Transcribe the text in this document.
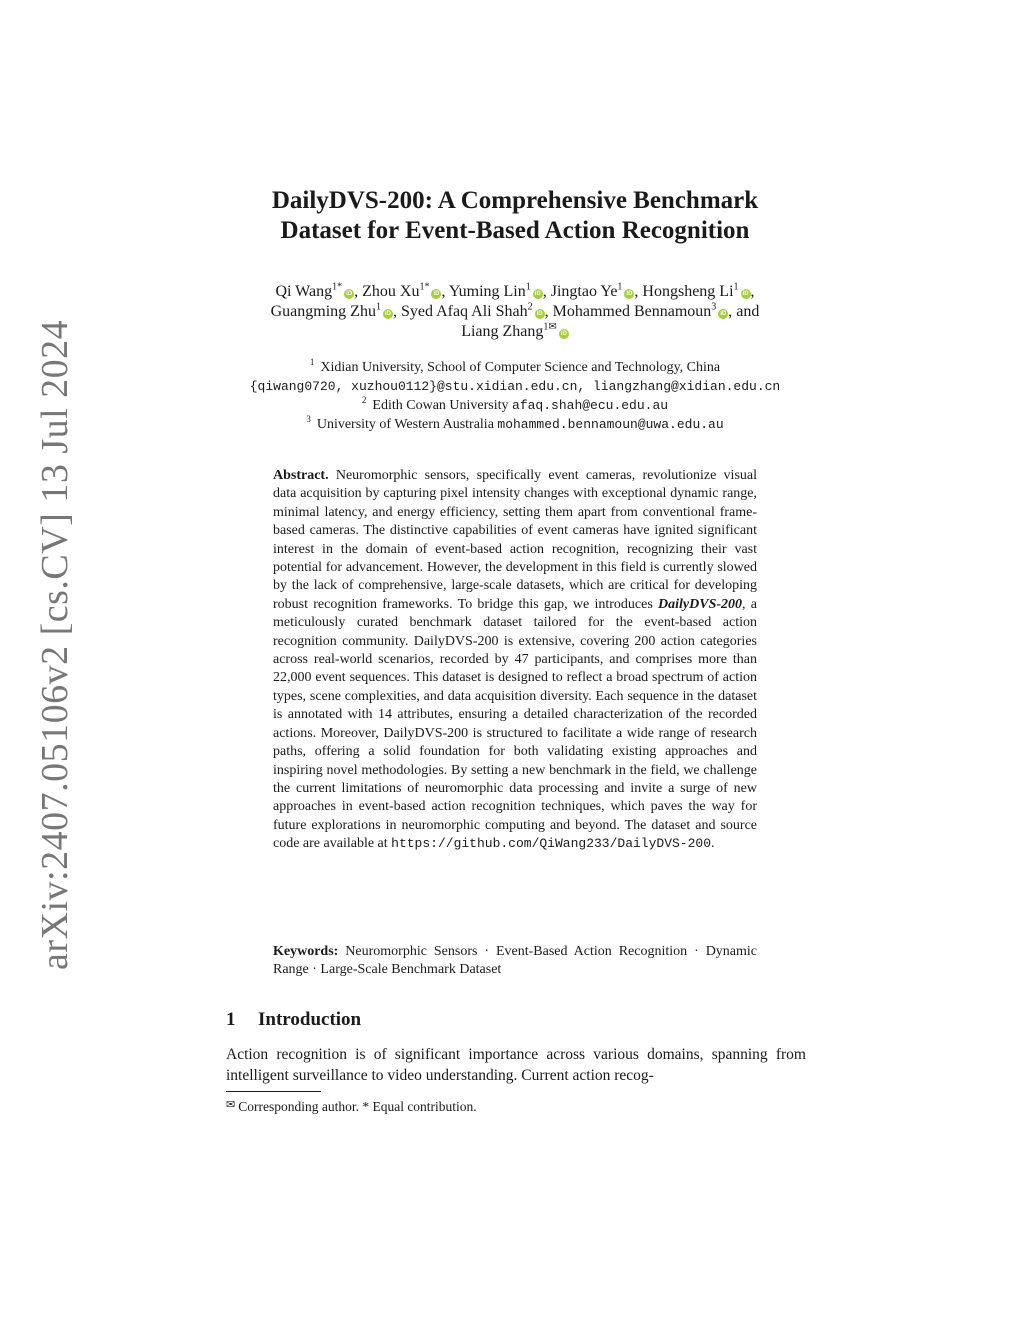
arXiv:2407.05106v2 [cs.CV] 13 Jul 2024
DailyDVS-200: A Comprehensive Benchmark
Dataset for Event-Based Action Recognition
Qi Wang$^{1*}$iD , Zhou $Xu^{1*}iD$ , Yuming Lin$^1$iD , Jingtao Ye$^1$iD , Hongsheng Li$^1$iD ,
Guangming Zhu$^1$iD , Syed Afaq Ali Shah$^2$iD , Mohammed Bennamoun$^3$iD , and
Liang Zhang$^{1✉}$iD
$^1$ Xidian University, School of Computer Science and Technology, China
{qiwang0720, xuzhou0112}@stu.xidian.edu.cn, liangzhang@xidian.edu.cn
$^2$ Edith Cowan University afaq.shah@ecu.edu.au
$^3$ University of Western Australia mohammed.bennamoun@uwa.edu.au
Abstract. Neuromorphic sensors, specifically event cameras, revolutionize visual data acquisition by capturing pixel intensity changes with exceptional dynamic range, minimal latency, and energy efficiency, setting them apart from conventional frame-based cameras. The distinctive capabilities of event cameras have ignited significant interest in the domain of event-based action recognition, recognizing their vast potential for advancement. However, the development in this field is currently slowed by the lack of comprehensive, large-scale datasets, which are critical for developing robust recognition frameworks. To bridge this gap, we introduces DailyDVS-200, a meticulously curated benchmark dataset tailored for the event-based action recognition community. DailyDVS-200 is extensive, covering 200 action categories across real-world scenarios, recorded by 47 participants, and comprises more than 22,000 event sequences. This dataset is designed to reflect a broad spectrum of action types, scene complexities, and data acquisition diversity. Each sequence in the dataset is annotated with 14 attributes, ensuring a detailed characterization of the recorded actions. Moreover, DailyDVS-200 is structured to facilitate a wide range of research paths, offering a solid foundation for both validating existing approaches and inspiring novel methodologies. By setting a new benchmark in the field, we challenge the current limitations of neuromorphic data processing and invite a surge of new approaches in event-based action recognition techniques, which paves the way for future explorations in neuromorphic computing and beyond. The dataset and source code are available at https://github.com/QiWang233/DailyDVS-200.
Keywords: Neuromorphic Sensors · Event-Based Action Recognition · Dynamic Range · Large-Scale Benchmark Dataset
1 Introduction
Action recognition is of significant importance across various domains, spanning from intelligent surveillance to video understanding. Current action recog-
✉ Corresponding author. * Equal contribution.
